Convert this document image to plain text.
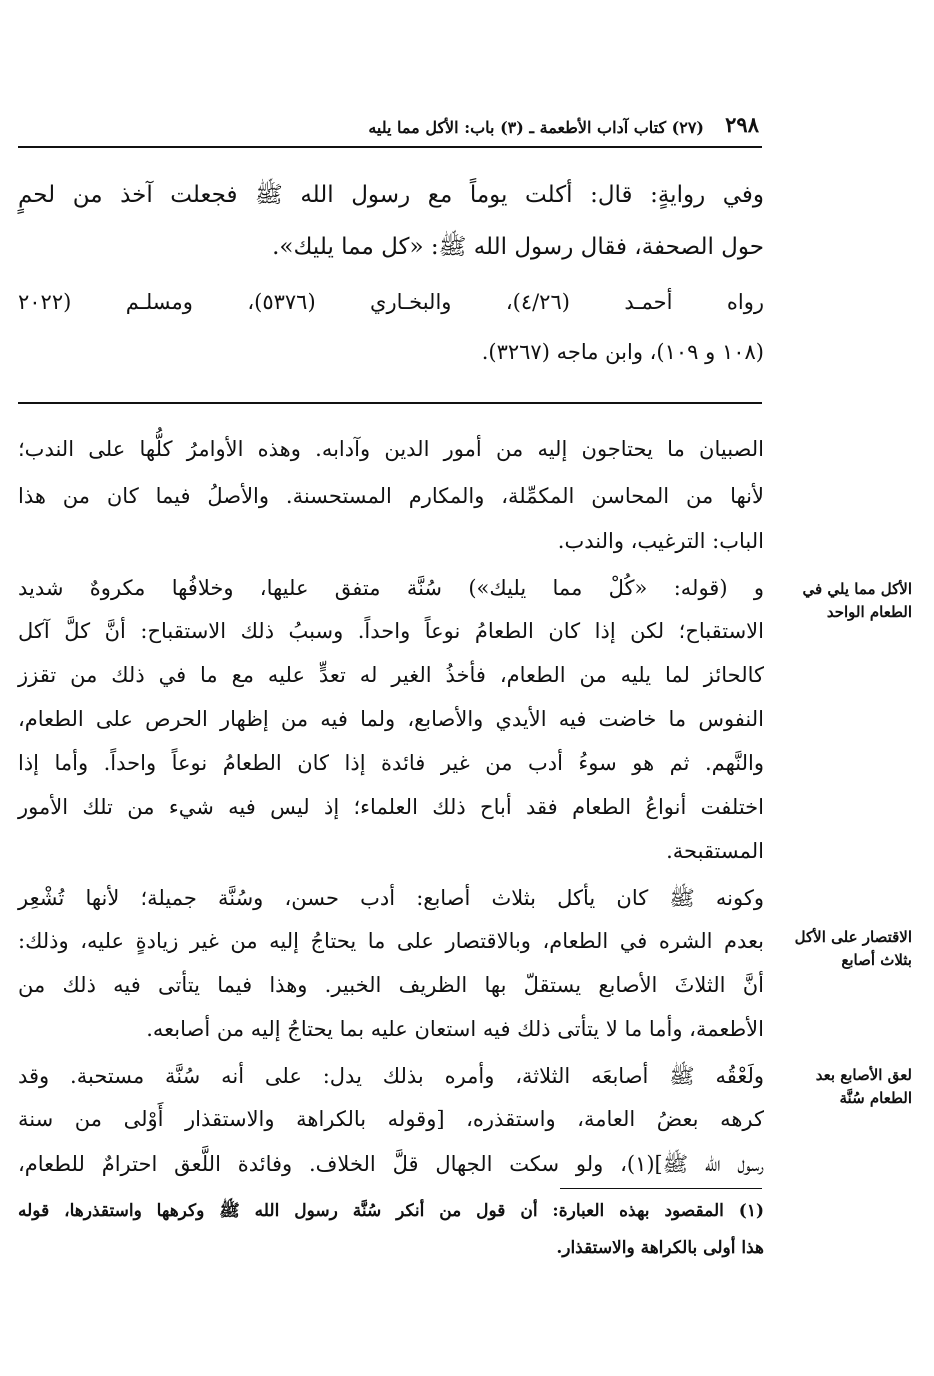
٢٩٨
(٢٧) كتاب آداب الأطعمة ـ (٣) باب: الأكل مما يليه
وفي روايةٍ: قال: أكلت يوماً مع رسول الله ﷺ فجعلت آخذ من لحمٍ
حول الصحفة، فقال رسول الله ﷺ: «كل مما يليك».
رواه أحمـد (٤/٢٦)، والبخـاري (٥٣٧٦)، ومسلـم (٢٠٢٢
(١٠٨ و ١٠٩)، وابن ماجه (٣٢٦٧).
الصبيان ما يحتاجون إليه من أمور الدين وآدابه. وهذه الأوامرُ كلُّها على الندب؛
لأنها من المحاسن المكمِّلة، والمكارم المستحسنة. والأصلُ فيما كان من هذا
الباب: الترغيب، والندب.
و (قوله: «كُلْ مما يليك») سُنَّة متفق عليها، وخلافُها مكروهٌ شديد
الاستقباح؛ لكن إذا كان الطعامُ نوعاً واحداً. وسببُ ذلك الاستقباح: أنَّ كلَّ آكل
كالحائز لما يليه من الطعام، فأخذُ الغير له تعدٍّ عليه مع ما في ذلك من تقزز
النفوس ما خاضت فيه الأيدي والأصابع، ولما فيه من إظهار الحرص على الطعام،
والنَّهم. ثم هو سوءُ أدب من غير فائدة إذا كان الطعامُ نوعاً واحداً. وأما إذا
اختلفت أنواعُ الطعام فقد أباح ذلك العلماء؛ إذ ليس فيه شيء من تلك الأمور
المستقبحة.
وكونه ﷺ كان يأكل بثلاث أصابع: أدب حسن، وسُنَّة جميلة؛ لأنها تُشْعِر
بعدم الشره في الطعام، وبالاقتصار على ما يحتاجُ إليه من غير زيادةٍ عليه، وذلك:
أنَّ الثلاثَ الأصابع يستقلّ بها الظريف الخبير. وهذا فيما يتأتى فيه ذلك من
الأطعمة، وأما ما لا يتأتى ذلك فيه استعان عليه بما يحتاجُ إليه من أصابعه.
ولَعْقُه ﷺ أصابعَه الثلاثة، وأمره بذلك يدل: على أنه سُنَّة مستحبة. وقد
كرهه بعضُ العامة، واستقذره، [وقوله بالكراهة والاستقذار أَوْلى من سنة
رسول الله ﷺ](١)، ولو سكت الجهال قلَّ الخلاف. وفائدة اللَّعق احترامٌ للطعام،
الأكل مما يلي في الطعام الواحد
الاقتصار على الأكل بثلاث أصابع
لعق الأصابع بعد الطعام سُنَّة
(١) المقصود بهذه العبارة: أن قول من أنكر سُنَّة رسول الله ﷺ وكرهها واستقذرها، قوله
هذا أولى بالكراهة والاستقذار.
